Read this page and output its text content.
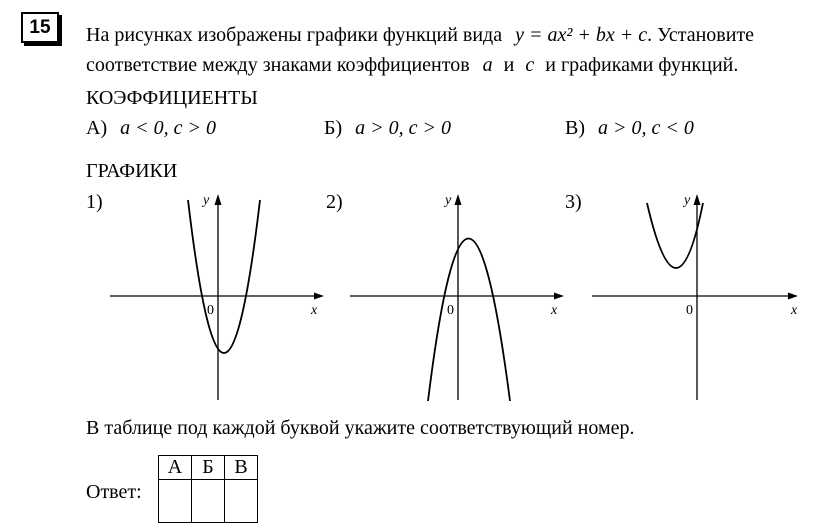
15	На рисунках изображены графики функций вида y = ax² + bx + c. Установите
соответствие между знаками коэффициентов a и c и графиками функций.
КОЭФФИЦИЕНТЫ
А) a < 0, c > 0	Б) a > 0, c > 0	В) a > 0, c < 0
ГРАФИКИ
1)	y
x
0
2)	y
x
0
3)	y
x
0
В таблице под каждой буквой укажите соответствующий номер.
Ответ:
А	Б	В
